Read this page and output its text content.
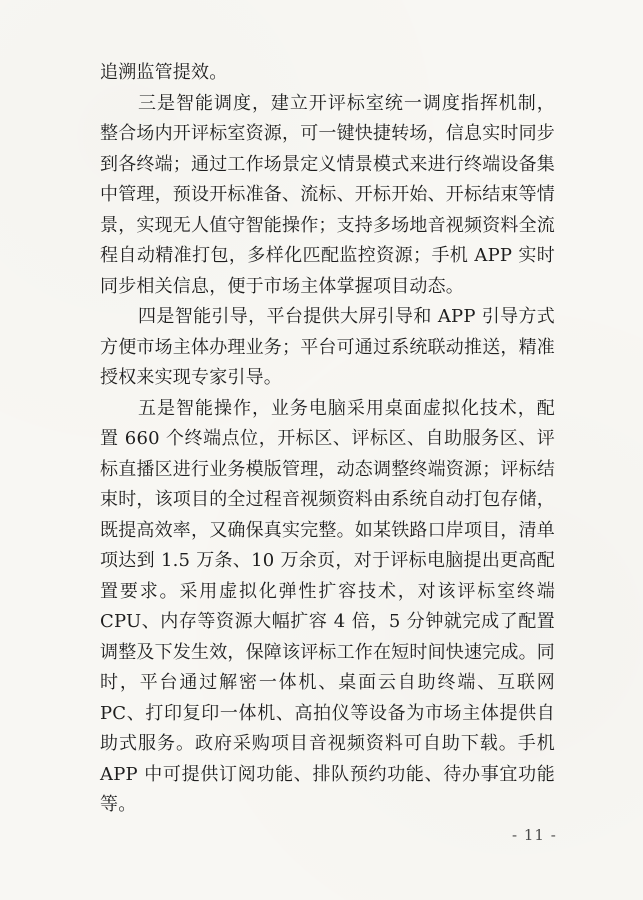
追溯监管提效。

三是智能调度，建立开评标室统一调度指挥机制，整合场内开评标室资源，可一键快捷转场，信息实时同步到各终端；通过工作场景定义情景模式来进行终端设备集中管理，预设开标准备、流标、开标开始、开标结束等情景，实现无人值守智能操作；支持多场地音视频资料全流程自动精准打包，多样化匹配监控资源；手机 APP 实时同步相关信息，便于市场主体掌握项目动态。

四是智能引导，平台提供大屏引导和 APP 引导方式方便市场主体办理业务；平台可通过系统联动推送，精准授权来实现专家引导。

五是智能操作，业务电脑采用桌面虚拟化技术，配置 660 个终端点位，开标区、评标区、自助服务区、评标直播区进行业务模版管理，动态调整终端资源；评标结束时，该项目的全过程音视频资料由系统自动打包存储，既提高效率，又确保真实完整。如某铁路口岸项目，清单项达到 1.5 万条、10 万余页，对于评标电脑提出更高配置要求。采用虚拟化弹性扩容技术，对该评标室终端 CPU、内存等资源大幅扩容 4 倍，5 分钟就完成了配置调整及下发生效，保障该评标工作在短时间快速完成。同时，平台通过解密一体机、桌面云自助终端、互联网 PC、打印复印一体机、高拍仪等设备为市场主体提供自助式服务。政府采购项目音视频资料可自助下载。手机 APP 中可提供订阅功能、排队预约功能、待办事宜功能等。

- 11 -
